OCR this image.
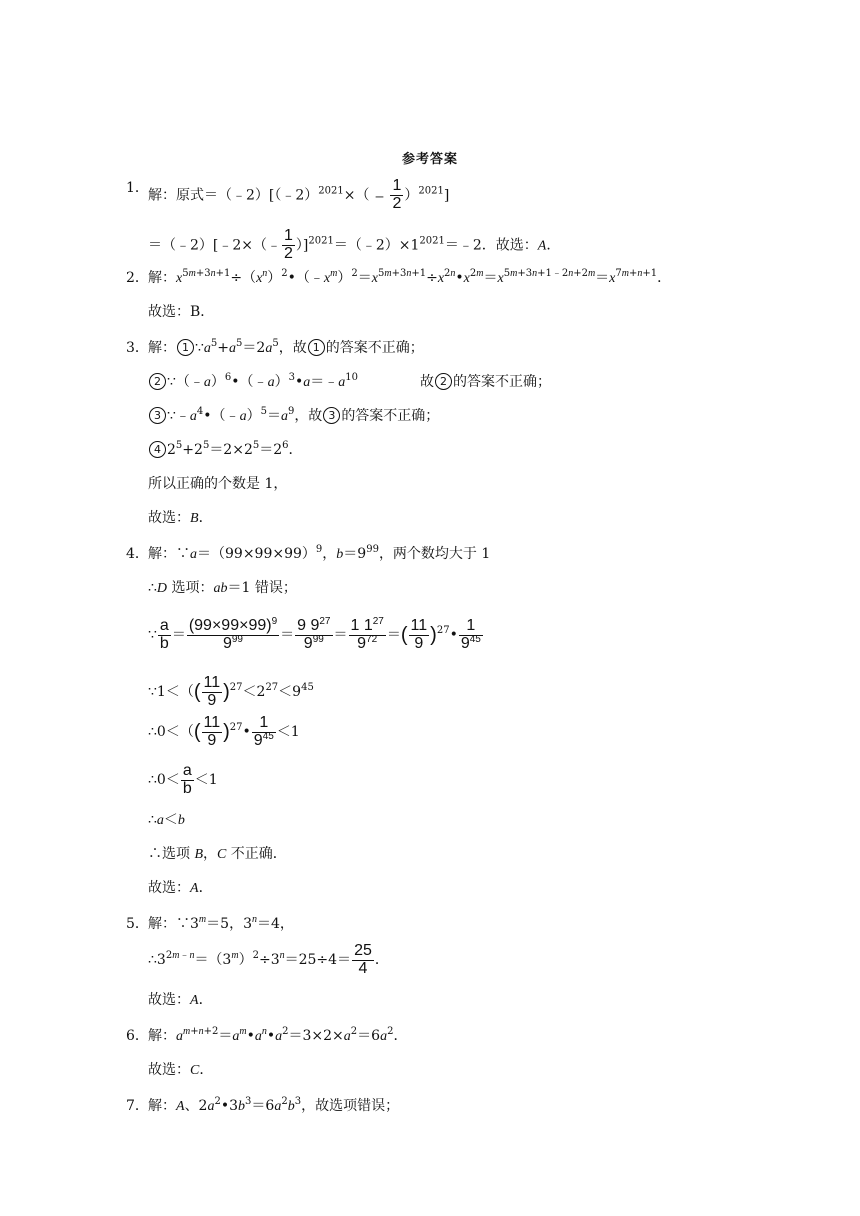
参考答案
1． 解：原式＝（﹣2）[（﹣2）$^{2021}$×（﹣ $\frac{1}{2} )^{2021}$]
＝（﹣2）[﹣2×（﹣ $\frac{1}{2}$ ）]$^{2021}=(﹣2)\times 1^{2021}=﹣2$．故选：A．
2． 解：$x^{5m+3n+1}\div(x^n)^2•(﹣x^m)^2=x^{5m+3n+1}\div x^{2n}•x^{2m}=x^{5m+3n+1﹣2n+2m}=x^{7m+n+1}$．
故选：B．
3． 解： 1 $\because a^5+a^5=2a^5$，故 1 的答案不正确；
2 $\because(﹣a)^6•(﹣a)^3•a=﹣a^{10}$	故 2 的答案不正确；
3 $\because﹣a^4•(﹣a)^5=a^9$，故 3 的答案不正确；
4 $2^5+2^5=2\times 2^5=2^6$．
所以正确的个数是 1，
故选：B．
4． 解：$\because a=(99\times 99\times 99)^9$，$b=9^{99}$，两个数均大于 1
∴D 选项：ab＝1 错误；
∵ $\frac{a}{b} = \frac{(99\times 99\times 99)^9}{9^{99}} = \frac{9 9^{27}}{9^{99}} = \frac{1 1^{27}}{9^{72}}$ ＝( $\frac{11}{9}$ )$^{27}$• $\frac{1}{9^{45}}$
∵1＜（( $\frac{11}{9} )^{27}<2^{27}<9^{45}$
∴0＜（( $\frac{11}{9}$ )$^{27}$• $\frac{1}{9^{45}} <1$
∴0＜ $\frac{a}{b} <1$
∴a＜b
∴选项 B，C 不正确．
故选：A．
5． 解：$\because 3^m=5$，$3^n=4$，
$\therefore 3^{2m﹣n}=(3^m)^2\div 3^n=25\div 4= \frac{25}{4}$ ．
故选：A．
6． 解：$a^{m+n+2}=a^m•a^n•a^2=3\times 2\times a^2=6a^2$．
故选：C．
7． 解：A、$2a^2•3b^3=6a^2b^3$，故选项错误；
